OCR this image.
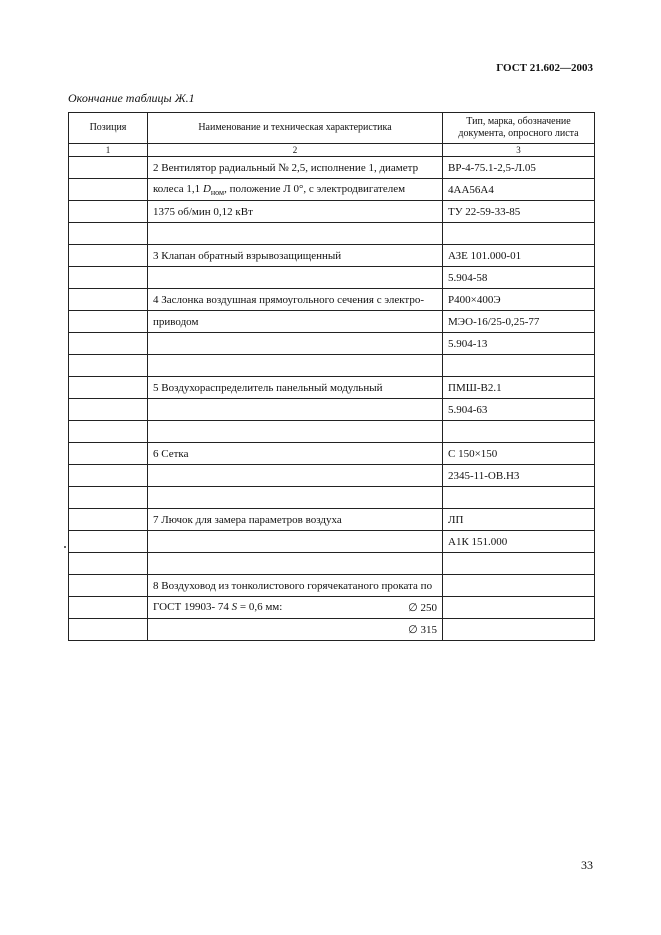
ГОСТ 21.602—2003
Окончание таблицы Ж.1
Позиция	Наименование и техническая характеристика	Тип, марка, обозначение документа, опросного листа
1	2	3
	2 Вентилятор радиальный № 2,5, исполнение 1, диаметр	ВР-4-75.1-2,5-Л.05
	колеса 1,1 $D_{ном}$, положение Л 0°, с электродвигателем	4АА56А4
	1375 об/мин 0,12 кВт	ТУ 22-59-33-85

	3 Клапан обратный взрывозащищенный	АЗЕ 101.000-01
		5.904-58
	4 Заслонка воздушная прямоугольного сечения с электро-	Р400×400Э
	приводом	МЭО-16/25-0,25-77
		5.904-13

	5 Воздухораспределитель панельный модульный	ПМШ-В2.1
		5.904-63

	6 Сетка	С 150×150
		2345-11-ОВ.Н3

	7 Лючок для замера параметров воздуха	ЛП
		А1К 151.000

	8 Воздуховод из тонколистового горячекатаного проката по	

	ГОСТ 19903- 74 S = 0,6 мм: ∅ 250	

	∅ 315	

33
